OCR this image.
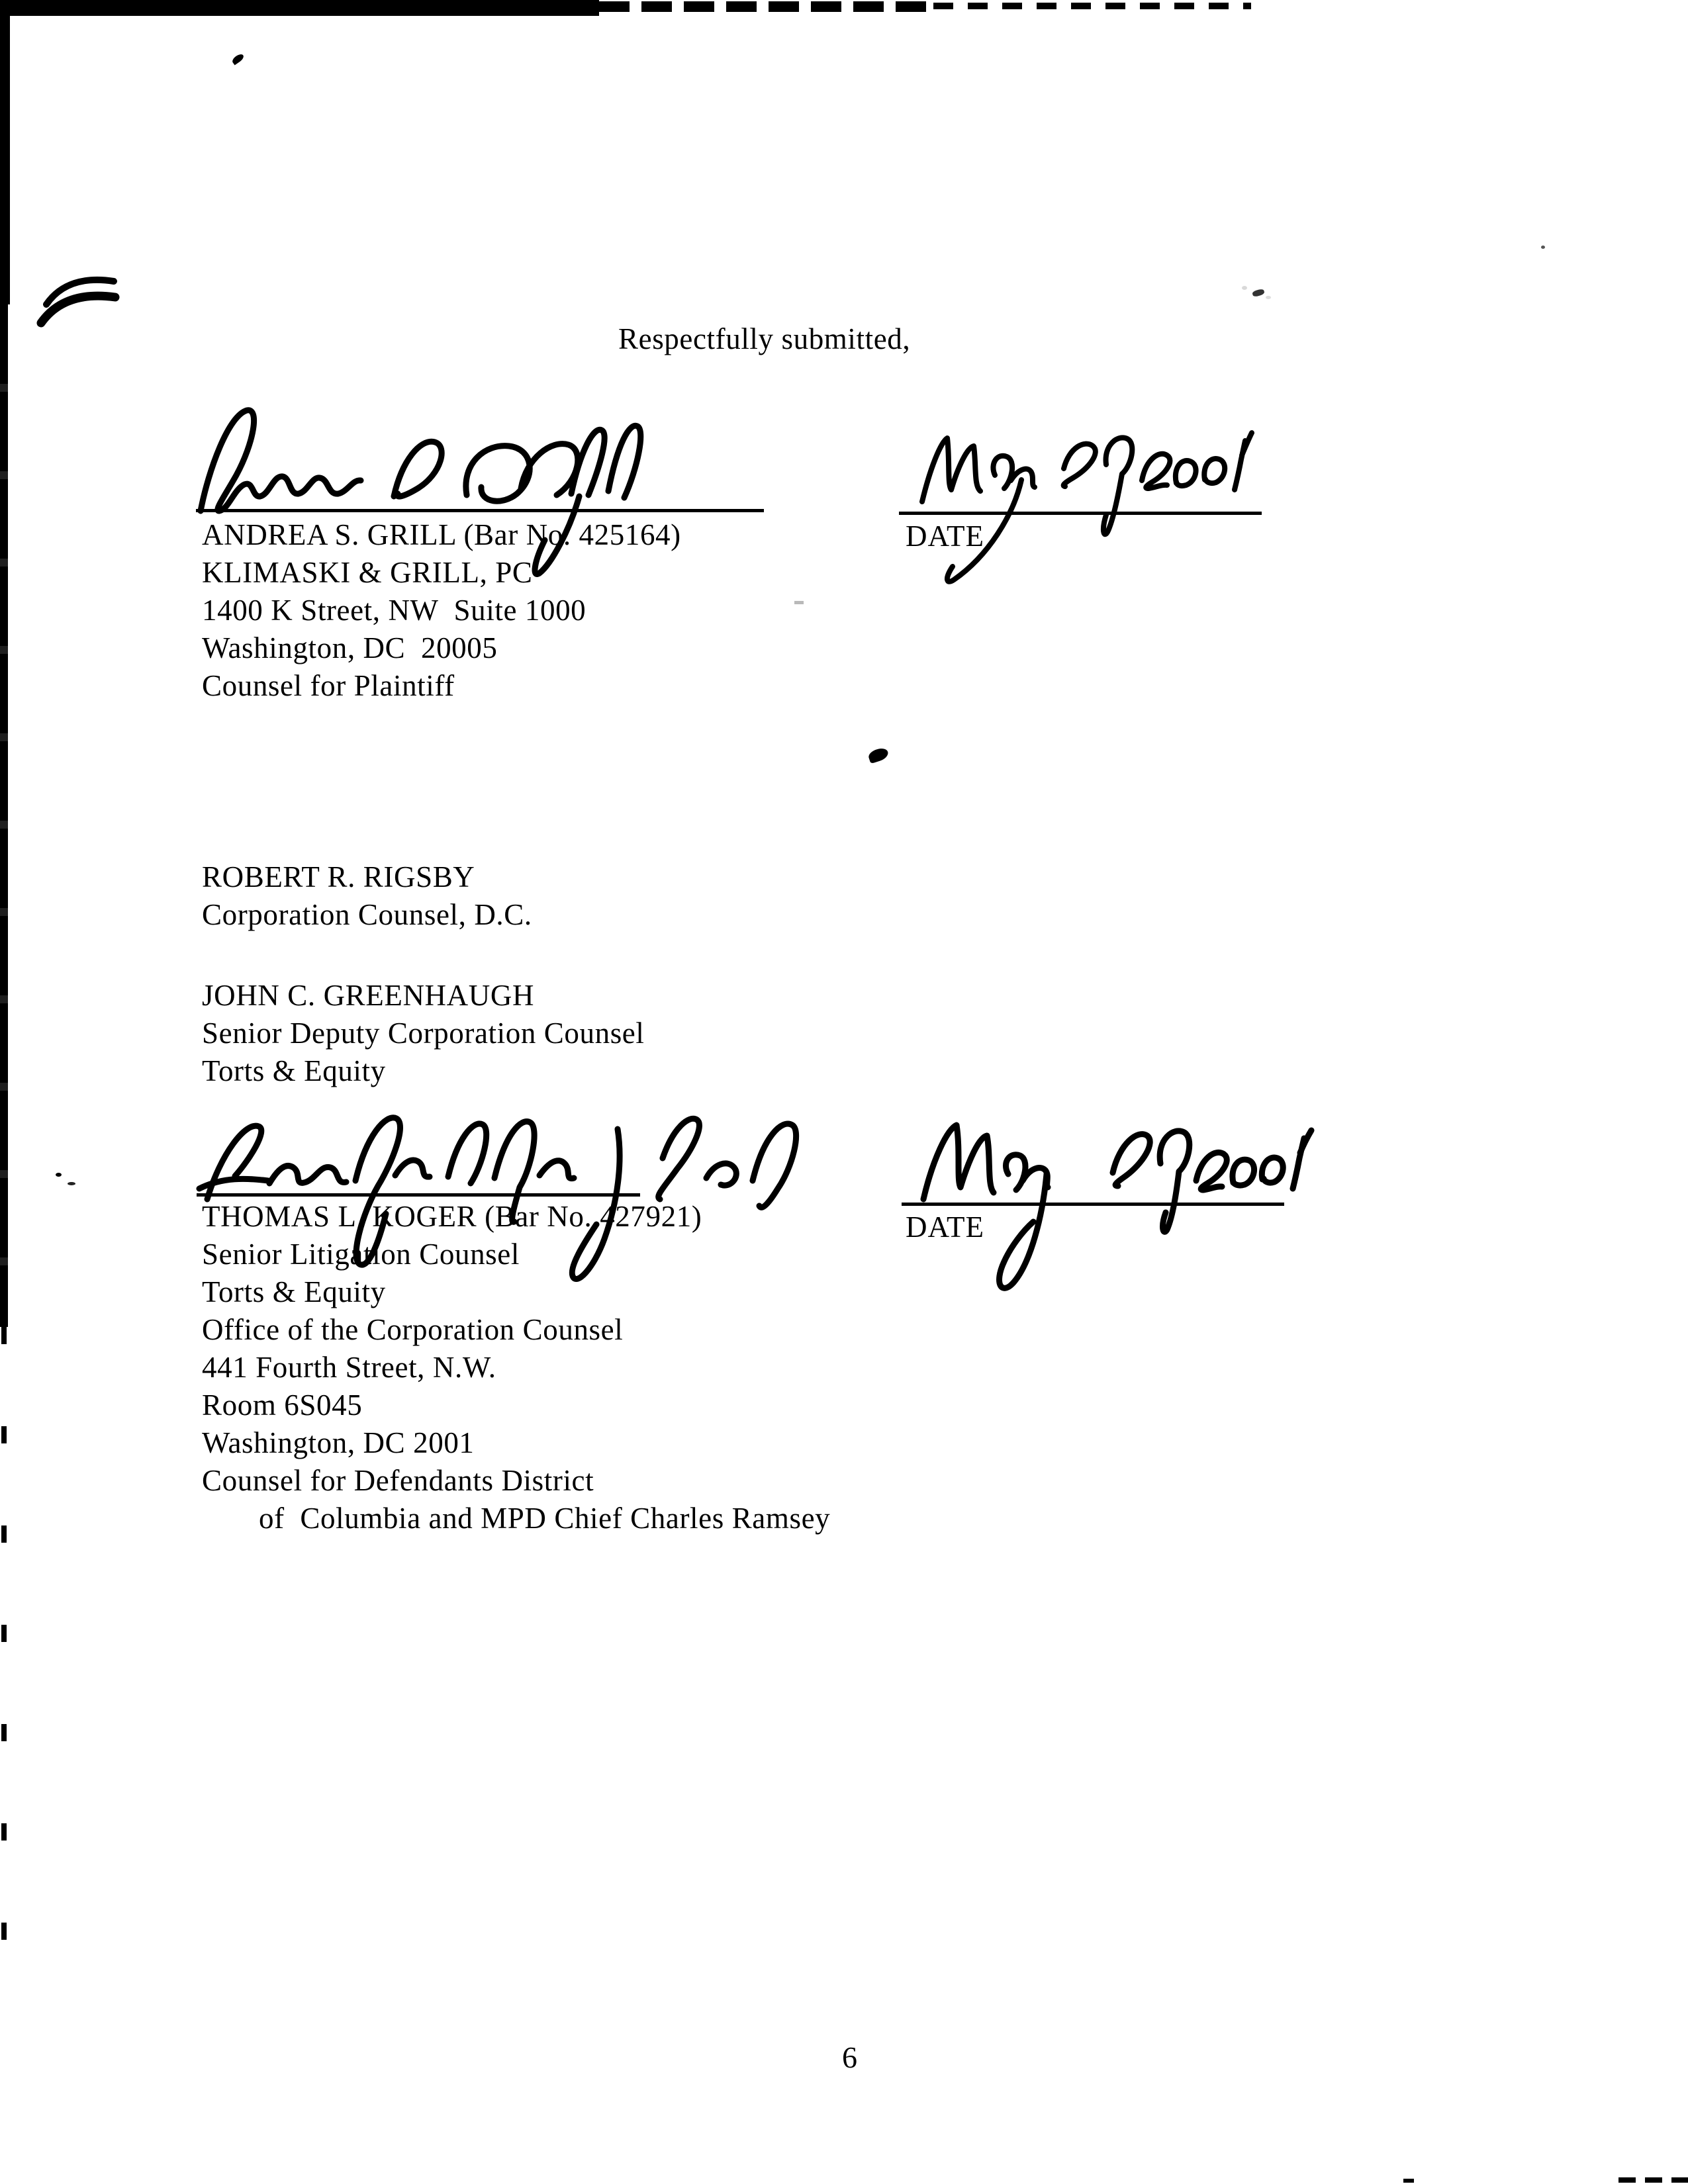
Respectfully submitted,
ANDREA S. GRILL (Bar No. 425164)
KLIMASKI & GRILL, PC
1400 K Street, NW  Suite 1000
Washington, DC  20005
Counsel for Plaintiff
DATE
ROBERT R. RIGSBY
Corporation Counsel, D.C.
JOHN C. GREENHAUGH
Senior Deputy Corporation Counsel
Torts & Equity
THOMAS L. KOGER (Bar No. 427921)
Senior Litigation Counsel
Torts & Equity
Office of the Corporation Counsel
441 Fourth Street, N.W.
Room 6S045
Washington, DC 2001
Counsel for Defendants District
of  Columbia and MPD Chief Charles Ramsey
DATE
6
